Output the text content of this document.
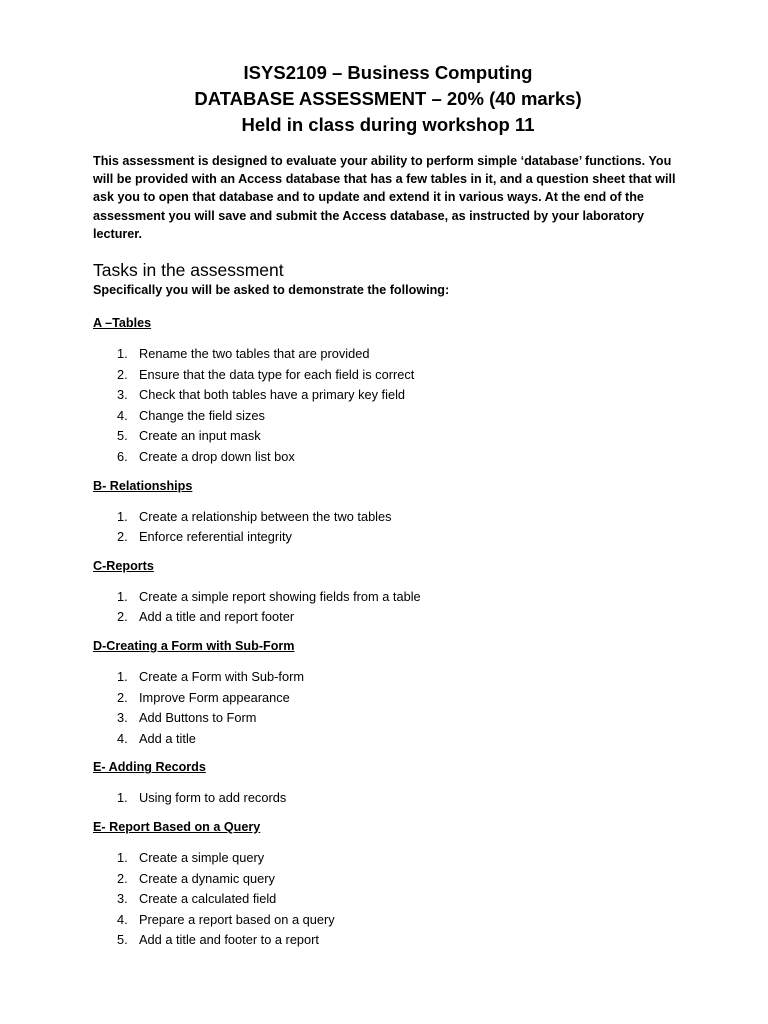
ISYS2109 – Business Computing
DATABASE ASSESSMENT – 20% (40 marks)
Held in class during workshop 11

This assessment is designed to evaluate your ability to perform simple ‘database’ functions. You will be provided with an Access database that has a few tables in it, and a question sheet that will ask you to open that database and to update and extend it in various ways. At the end of the assessment you will save and submit the Access database, as instructed by your laboratory lecturer.

Tasks in the assessment
Specifically you will be asked to demonstrate the following:
A –Tables
1. Rename the two tables that are provided
2. Ensure that the data type for each field is correct
3. Check that both tables have a primary key field
4. Change the field sizes
5. Create an input mask
6. Create a drop down list box
B- Relationships
1. Create a relationship between the two tables
2. Enforce referential integrity
C-Reports
1. Create a simple report showing fields from a table
2. Add a title and report footer
D-Creating a Form with Sub-Form
1. Create a Form with Sub-form
2. Improve Form appearance
3. Add Buttons to Form
4. Add a title
E- Adding Records
1. Using form to add records
E- Report Based on a Query
1. Create a simple query
2. Create a dynamic query
3. Create a calculated field
4. Prepare a report based on a query
5. Add a title and footer to a report
